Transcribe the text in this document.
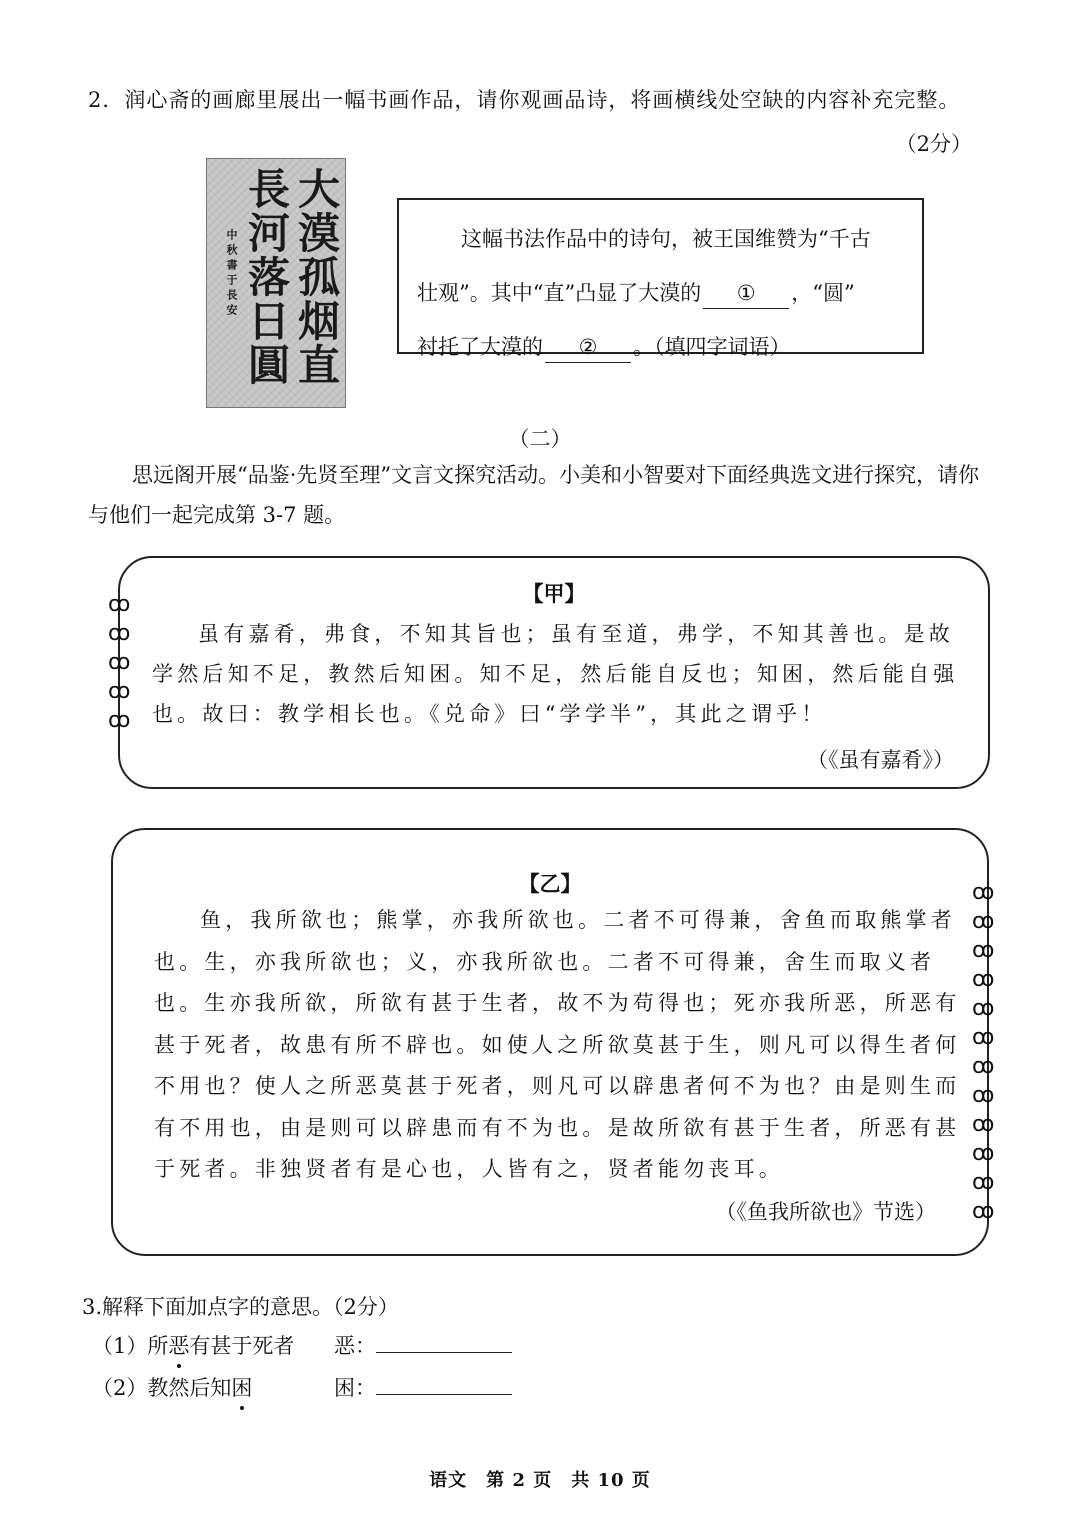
2．润心斋的画廊里展出一幅书画作品，请你观画品诗，将画横线处空缺的内容补充完整。
（2分）
大漠孤烟直
長河落日圓
中秋書于長安	这幅书法作品中的诗句，被王国维赞为“千古

壮观”。其中“直”凸显了大漠的 ① ，“圆”

衬托了大漠的 ② 。（填四字词语）

（二）
思远阁开展“品鉴·先贤至理”文言文探究活动。小美和小智要对下面经典选文进行探究，请你与他们一起完成第 3-7 题。
ꝏ
ꝏ
ꝏ
ꝏ
ꝏ
【甲】

虽有嘉肴，弗食，不知其旨也；虽有至道，弗学，不知其善也。是故学然后知不足，教然后知困。知不足，然后能自反也；知困，然后能自强也。故曰：教学相长也。《兑命》曰“学学半”，其此之谓乎！

（《虽有嘉肴》）
ꝏ
ꝏ
ꝏ
ꝏ
ꝏ
ꝏ
ꝏ
ꝏ
ꝏ
ꝏ
ꝏ
ꝏ
【乙】

鱼，我所欲也；熊掌，亦我所欲也。二者不可得兼，舍鱼而取熊掌者也。生，亦我所欲也；义，亦我所欲也。二者不可得兼，舍生而取义者也。生亦我所欲，所欲有甚于生者，故不为苟得也；死亦我所恶，所恶有甚于死者，故患有所不辟也。如使人之所欲莫甚于生，则凡可以得生者何不用也？使人之所恶莫甚于死者，则凡可以辟患者何不为也？由是则生而有不用也，由是则可以辟患而有不为也。是故所欲有甚于生者，所恶有甚于死者。非独贤者有是心也，人皆有之，贤者能勿丧耳。

（《鱼我所欲也》节选）
3.解释下面加点字的意思。（2分）
（1）所恶有甚于死者 恶：
（2）教然后知困	困：
语文　第 2 页　共 10 页
